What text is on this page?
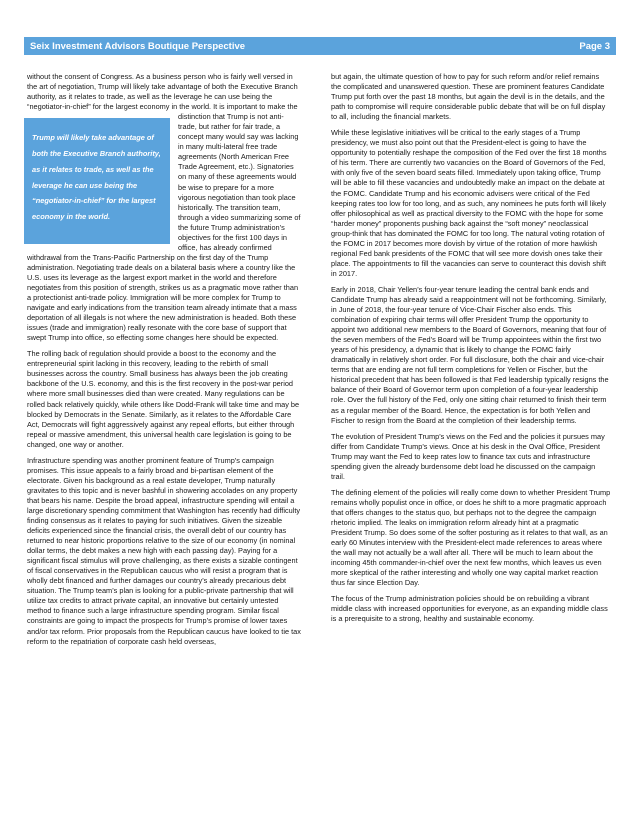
Seix Investment Advisors Boutique Perspective	Page 3

without the consent of Congress. As a business person who is fairly well versed in the art of negotiation, Trump will likely take advantage of both the Executive Branch authority, as it relates to trade, as well as the leverage he can use being the “negotiator-in-chief” for the largest economy in the world. It is important to make the distinction
Trump will likely take advantage of both the Executive Branch authority, as it relates to trade, as well as the leverage he can use being the “negotiator-in-chief” for the largest economy in the world.
that Trump is not anti-trade, but rather for fair trade, a concept many would say was lacking in many multi-lateral free trade agreements (North American Free Trade Agreement, etc.). Signatories on many of these agreements would be wise to prepare for a more vigorous negotiation than took place historically. The transition team, through a video summarizing some of the future Trump administration’s objectives for the first 100 days in office, has already confirmed withdrawal from the Trans-Pacific Partnership on the first day of the Trump administration. Negotiating trade deals on a bilateral basis where a country like the U.S. uses its leverage as the largest export market in the world and therefore negotiates from this position of strength, strikes us as a pragmatic move rather than a protectionist anti-trade policy. Immigration will be more complex for Trump to navigate and early indications from the transition team already intimate that a mass deportation of all illegals is not where the new administration is headed. Both these issues (trade and immigration) really resonate with the core base of support that swept Trump into office, so effecting some changes here should be expected.

The rolling back of regulation should provide a boost to the economy and the entrepreneurial spirit lacking in this recovery, leading to the rebirth of small businesses across the country. Small business has always been the job creating backbone of the U.S. economy, and this is the first recovery in the post-war period where more small businesses died than were created. Many regulations can be rolled back relatively quickly, while others like Dodd-Frank will take time and may be blocked by Democrats in the Senate. Similarly, as it relates to the Affordable Care Act, Democrats will fight aggressively against any repeal efforts, but either through repeal or massive amendment, this universal health care legislation is going to be changed, one way or another.

Infrastructure spending was another prominent feature of Trump’s campaign promises. This issue appeals to a fairly broad and bi-partisan element of the electorate. Given his background as a real estate developer, Trump naturally gravitates to this topic and is never bashful in showering accolades on any property that bears his name. Despite the broad appeal, infrastructure spending will entail a large discretionary spending commitment that Washington has recently had difficulty finding consensus as it relates to paying for such initiatives. Given the sizeable deficits experienced since the financial crisis, the overall debt of our country has returned to near historic proportions relative to the size of our economy (in nominal dollar terms, the debt makes a new high with each passing day). Paying for a significant fiscal stimulus will prove challenging, as there exists a sizable contingent of fiscal conservatives in the Republican caucus who will resist a program that is wholly debt financed and further damages our country’s already precarious debt situation. The Trump team’s plan is looking for a public-private partnership that will utilize tax credits to attract private capital, an innovative but certainly untested method to finance such a large infrastructure spending program. Similar fiscal constraints are going to impact the prospects for Trump’s promise of lower taxes and/or tax reform. Prior proposals from the Republican caucus have looked to tie tax reform to the repatriation of corporate cash held overseas,

but again, the ultimate question of how to pay for such reform and/or relief remains the complicated and unanswered question. These are prominent features Candidate Trump put forth over the past 18 months, but again the devil is in the details, and the path to compromise will require considerable public debate that will be on full display to all, including the financial markets.

While these legislative initiatives will be critical to the early stages of a Trump presidency, we must also point out that the President-elect is going to have the opportunity to potentially reshape the composition of the Fed over the first 18 months of his term. There are currently two vacancies on the Board of Governors of the Fed, with only five of the seven board seats filled. Immediately upon taking office, Trump will be able to fill these vacancies and undoubtedly make an impact on the debate at the FOMC. Candidate Trump and his economic advisers were critical of the Fed keeping rates too low for too long, and as such, any nominees he puts forth will likely offer philosophical as well as practical diversity to the FOMC with the hope for some “harder money” proponents pushing back against the “soft money” neoclassical group-think that has dominated the FOMC for too long. The natural voting rotation of the FOMC in 2017 becomes more dovish by virtue of the rotation of more hawkish regional Fed bank presidents of the FOMC that will see more dovish ones take their place. The appointments to fill the vacancies can serve to counteract this dovish shift in 2017.

Early in 2018, Chair Yellen’s four-year tenure leading the central bank ends and Candidate Trump has already said a reappointment will not be forthcoming. Similarly, in June of 2018, the four-year tenure of Vice-Chair Fischer also ends. This combination of expiring chair terms will offer President Trump the opportunity to appoint two additional new members to the Board of Governors, meaning that four of the seven members of the Fed’s Board will be Trump appointees within the first two years of his presidency, a dynamic that is likely to change the FOMC fairly dramatically in relatively short order. For full disclosure, both the chair and vice-chair terms that are ending are not full term completions for Yellen or Fischer, but the historical precedent that has been followed is that Fed leadership typically resigns the balance of their Board of Governor term upon completion of a four-year leadership role. Over the full history of the Fed, only one sitting chair returned to finish their term as a regular member of the Board. Hence, the expectation is for both Yellen and Fischer to resign from the Board at the completion of their leadership terms.

The evolution of President Trump’s views on the Fed and the policies it pursues may differ from Candidate Trump’s views. Once at his desk in the Oval Office, President Trump may want the Fed to keep rates low to finance tax cuts and infrastructure spending given the already burdensome debt load he discussed on the campaign trail.

The defining element of the policies will really come down to whether President Trump remains wholly populist once in office, or does he shift to a more pragmatic approach that offers changes to the status quo, but perhaps not to the degree the campaign rhetoric implied. The leaks on immigration reform already hint at a pragmatic President Trump. So does some of the softer posturing as it relates to that wall, as an early 60 Minutes interview with the President-elect made references to areas where the wall may not actually be a wall after all. There will be much to learn about the incoming 45th commander-in-chief over the next few months, which leaves us even more skeptical of the rather interesting and wholly one way capital market reaction thus far since Election Day.

The focus of the Trump administration policies should be on rebuilding a vibrant middle class with increased opportunities for everyone, as an expanding middle class is a prerequisite to a strong, healthy and sustainable economy.
